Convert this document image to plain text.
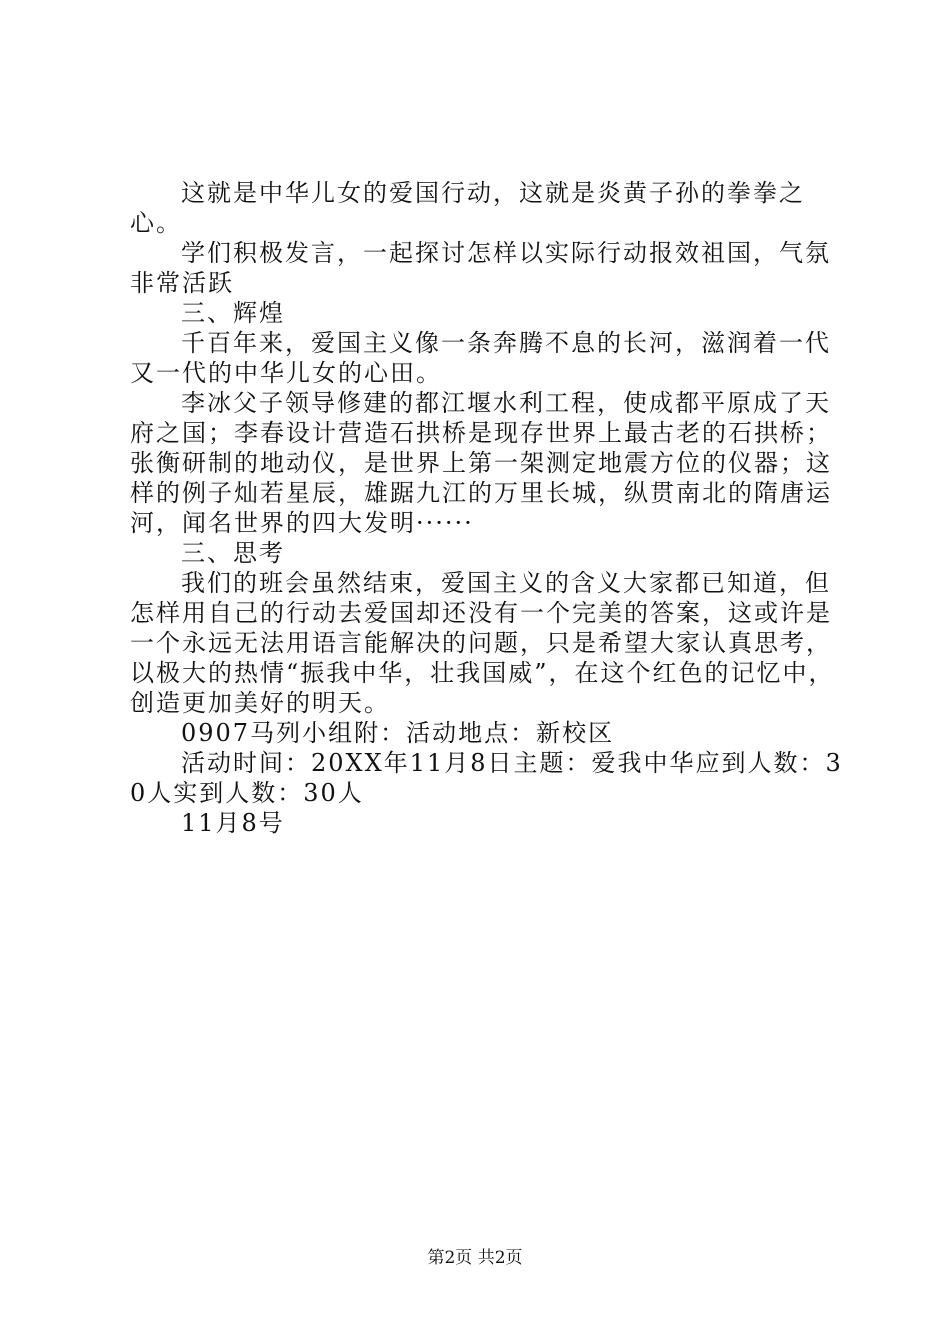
这就是中华儿女的爱国行动，这就是炎黄子孙的拳拳之心。

学们积极发言，一起探讨怎样以实际行动报效祖国，气氛非常活跃

三、辉煌

千百年来，爱国主义像一条奔腾不息的长河，滋润着一代又一代的中华儿女的心田。

李冰父子领导修建的都江堰水利工程，使成都平原成了天府之国；李春设计营造石拱桥是现存世界上最古老的石拱桥；张衡研制的地动仪，是世界上第一架测定地震方位的仪器；这样的例子灿若星辰，雄踞九江的万里长城，纵贯南北的隋唐运河，闻名世界的四大发明······

三、思考

我们的班会虽然结束，爱国主义的含义大家都已知道，但怎样用自己的行动去爱国却还没有一个完美的答案，这或许是一个永远无法用语言能解决的问题，只是希望大家认真思考，以极大的热情“振我中华，壮我国威”，在这个红色的记忆中，创造更加美好的明天。

0907马列小组附：活动地点：新校区

活动时间：20XX年11月8日主题：爱我中华应到人数：30人实到人数：30人

11月8号

第2页 共2页
